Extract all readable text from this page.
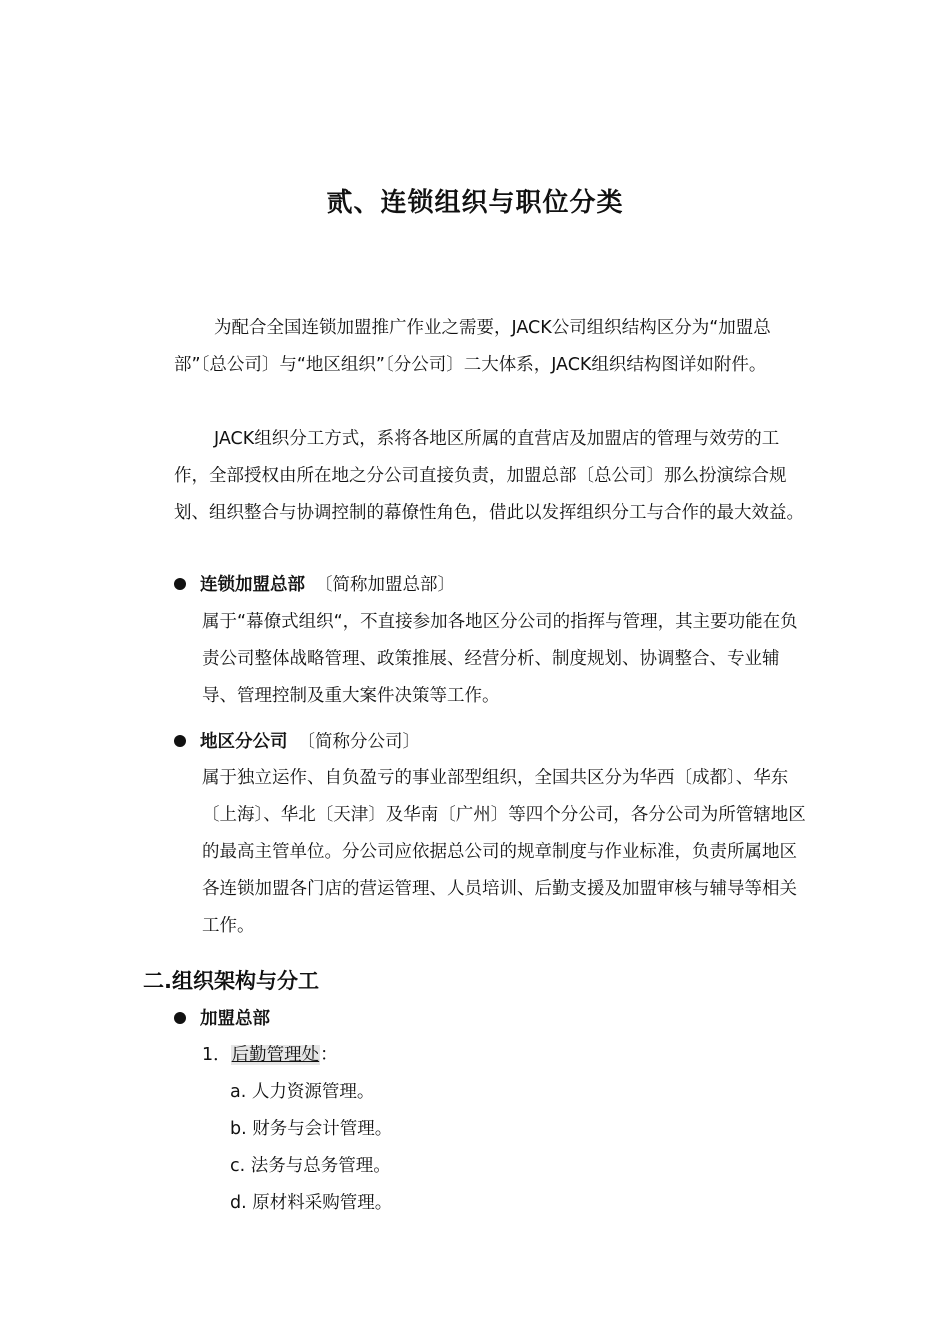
贰、连锁组织与职位分类

为配合全国连锁加盟推广作业之需要，JACK公司组织结构区分为“加盟总部”〔总公司〕与“地区组织”〔分公司〕二大体系，JACK组织结构图详如附件。

JACK组织分工方式，系将各地区所属的直营店及加盟店的管理与效劳的工作，全部授权由所在地之分公司直接负责，加盟总部〔总公司〕那么扮演综合规划、组织整合与协调控制的幕僚性角色，借此以发挥组织分工与合作的最大效益。

连锁加盟总部 〔简称加盟总部〕

属于“幕僚式组织“，不直接参加各地区分公司的指挥与管理，其主要功能在负责公司整体战略管理、政策推展、经营分析、制度规划、协调整合、专业辅导、管理控制及重大案件决策等工作。

地区分公司 〔简称分公司〕

属于独立运作、自负盈亏的事业部型组织，全国共区分为华西〔成都〕、华东〔上海〕、华北〔天津〕及华南〔广州〕等四个分公司，各分公司为所管辖地区的最高主管单位。分公司应依据总公司的规章制度与作业标准，负责所属地区各连锁加盟各门店的营运管理、人员培训、后勤支援及加盟审核与辅导等相关工作。

二.组织架构与分工
加盟总部
1．后勤管理处：
a. 人力资源管理。
b. 财务与会计管理。
c. 法务与总务管理。
d. 原材料采购管理。
